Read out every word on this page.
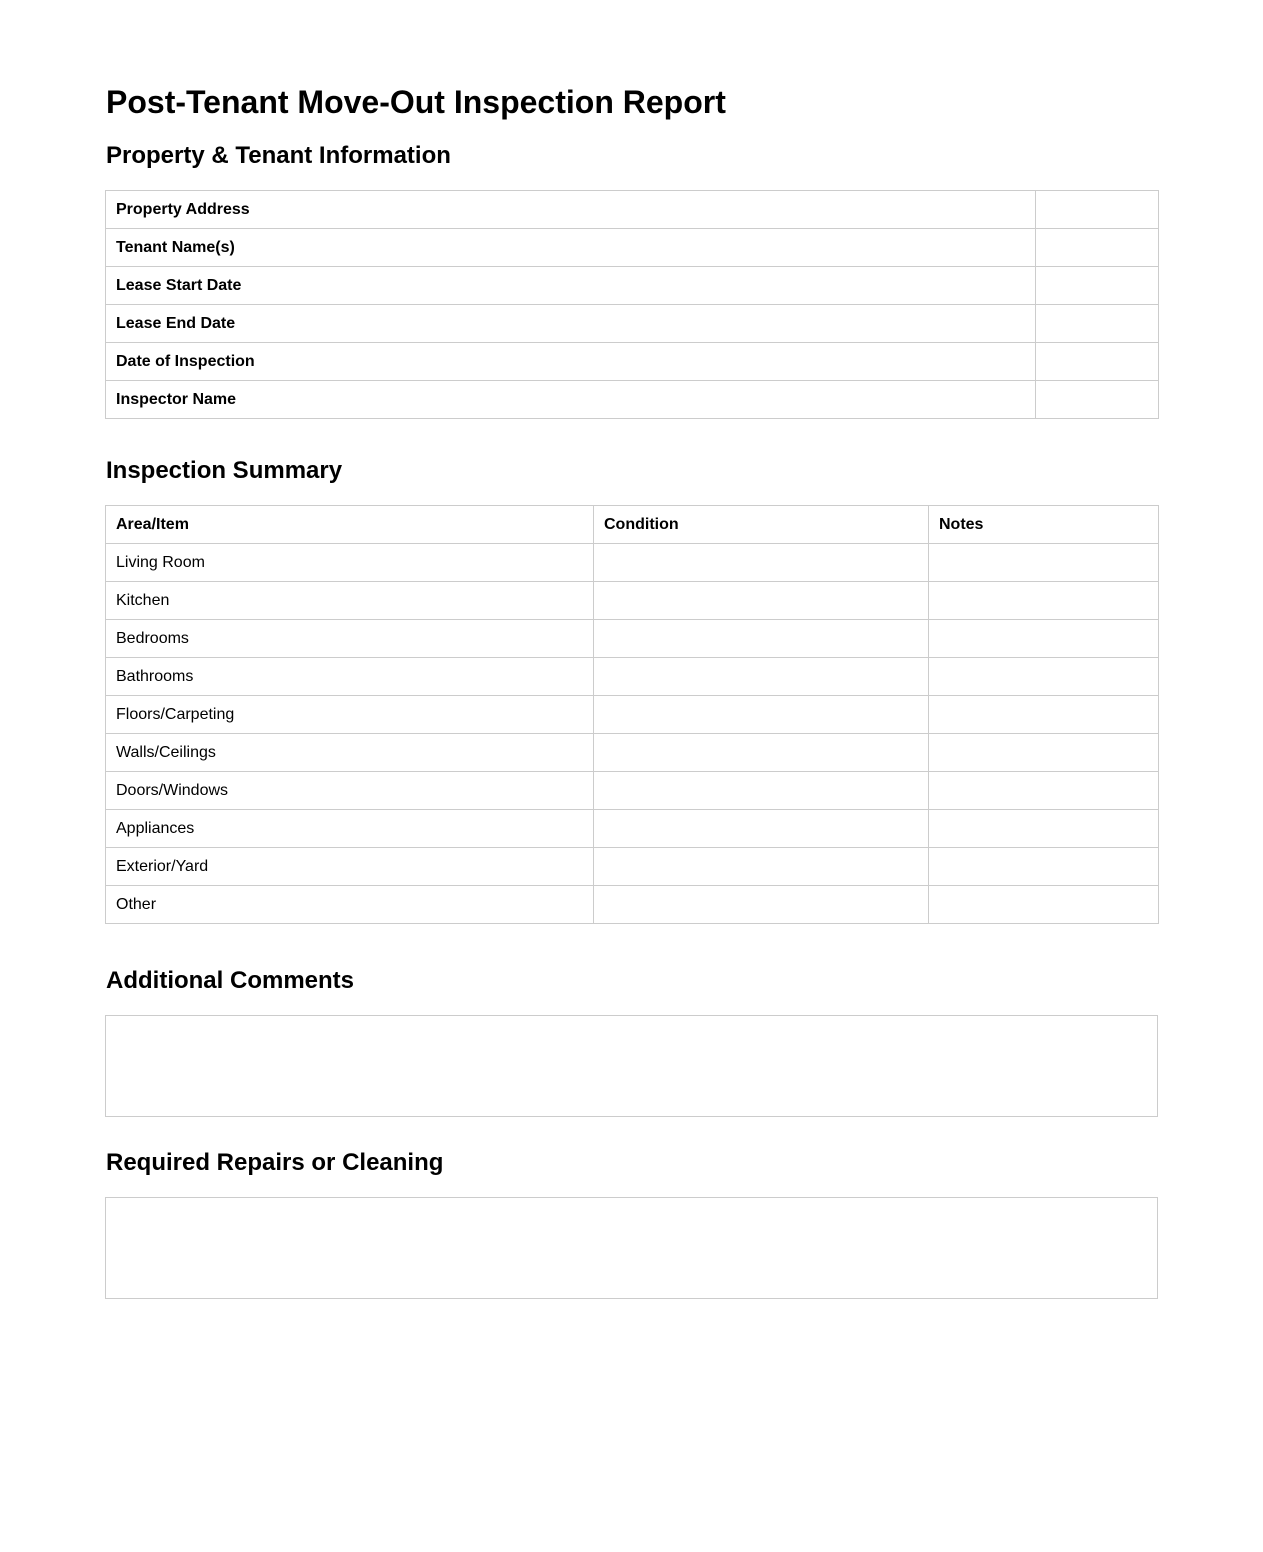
Post-Tenant Move-Out Inspection Report
Property & Tenant Information
Property Address	
Tenant Name(s)	
Lease Start Date	
Lease End Date	
Date of Inspection	
Inspector Name	
Inspection Summary
Area/Item	Condition	Notes
Living Room		
Kitchen		
Bedrooms		
Bathrooms		
Floors/Carpeting		
Walls/Ceilings		
Doors/Windows		
Appliances		
Exterior/Yard		
Other		
Additional Comments
Required Repairs or Cleaning
